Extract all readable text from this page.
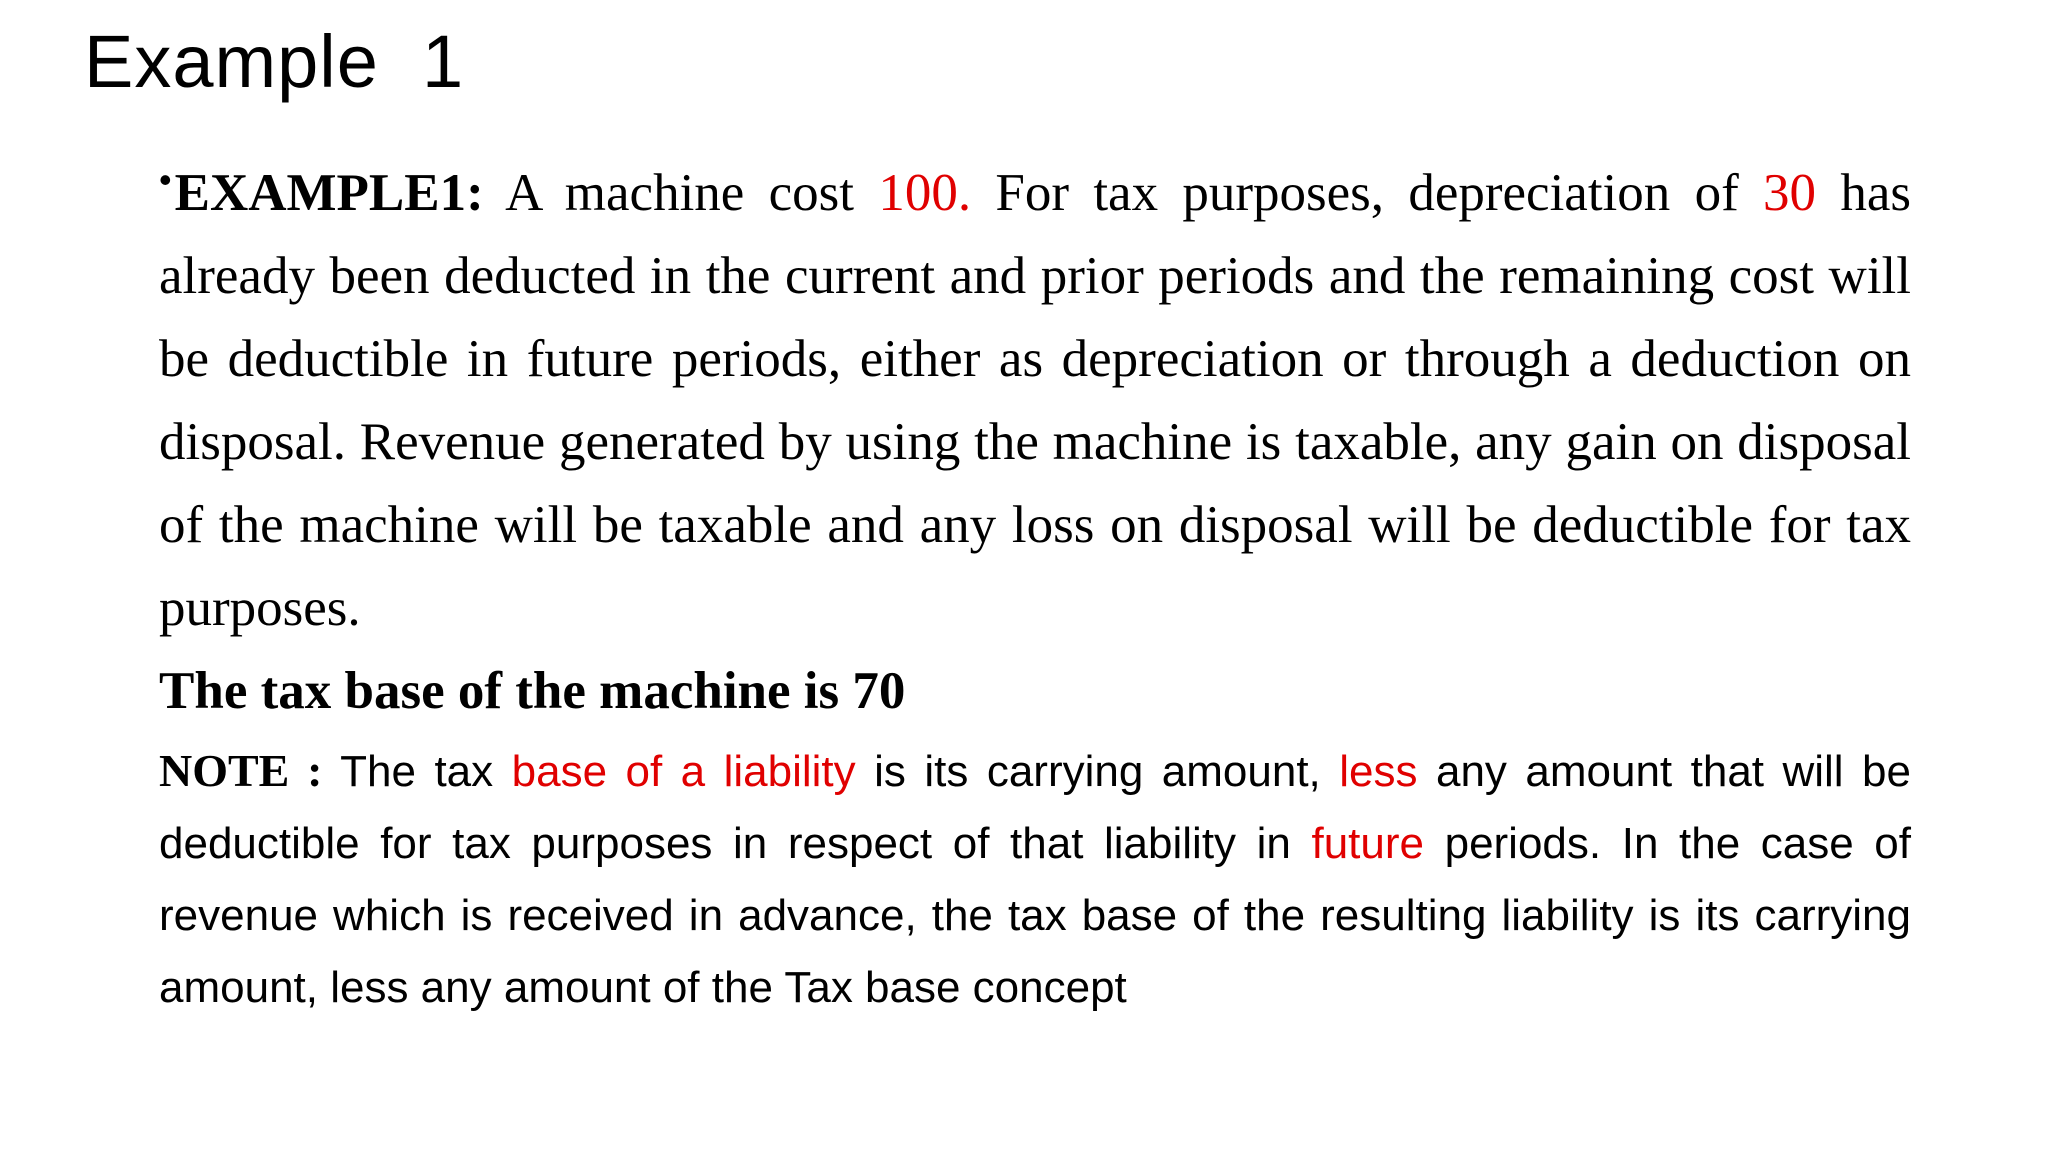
Example  1

•EXAMPLE1: A machine cost 100. For tax purposes, depreciation of 30 has already been deducted in the current and prior periods and the remaining cost will be deductible in future periods, either as depreciation or through a deduction on disposal. Revenue generated by using the machine is taxable, any gain on disposal of the machine will be taxable and any loss on disposal will be deductible for tax purposes.
The tax base of the machine is 70

NOTE : The tax base of a liability is its carrying amount, less any amount that will be deductible for tax purposes in respect of that liability in future periods. In the case of revenue which is received in advance, the tax base of the resulting liability is its carrying amount, less any amount of the Tax base concept
